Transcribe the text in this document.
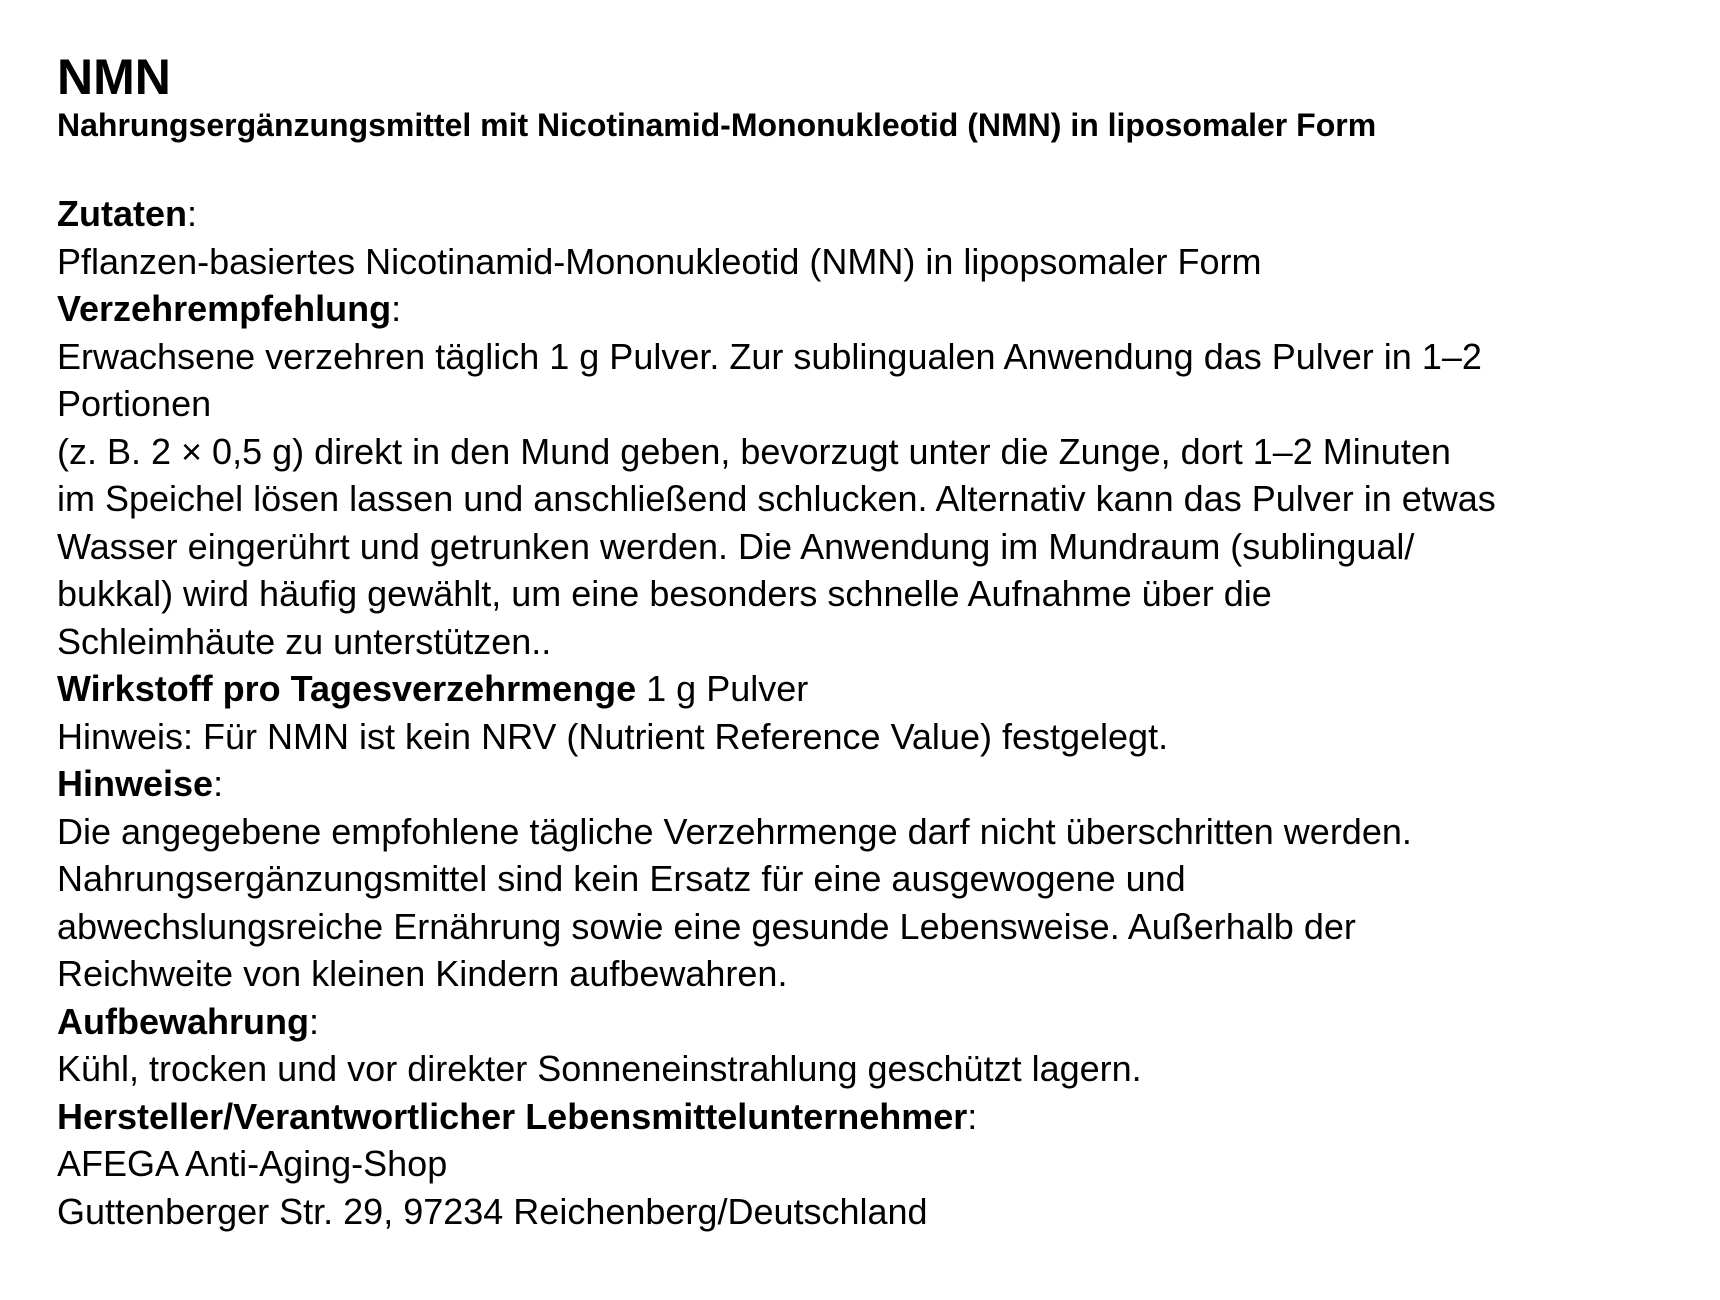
NMN
Nahrungsergänzungsmittel mit Nicotinamid-Mononukleotid (NMN) in liposomaler Form
Zutaten:
Pflanzen-basiertes Nicotinamid-Mononukleotid (NMN) in lipopsomaler Form
Verzehrempfehlung:
Erwachsene verzehren täglich 1 g Pulver. Zur sublingualen Anwendung das Pulver in 1–2
Portionen
(z. B. 2 × 0,5 g) direkt in den Mund geben, bevorzugt unter die Zunge, dort 1–2 Minuten
im Speichel lösen lassen und anschließend schlucken. Alternativ kann das Pulver in etwas
Wasser eingerührt und getrunken werden. Die Anwendung im Mundraum (sublingual/
bukkal) wird häufig gewählt, um eine besonders schnelle Aufnahme über die
Schleimhäute zu unterstützen..
Wirkstoff pro Tagesverzehrmenge 1 g Pulver
Hinweis: Für NMN ist kein NRV (Nutrient Reference Value) festgelegt.
Hinweise:
Die angegebene empfohlene tägliche Verzehrmenge darf nicht überschritten werden.
Nahrungsergänzungsmittel sind kein Ersatz für eine ausgewogene und
abwechslungsreiche Ernährung sowie eine gesunde Lebensweise. Außerhalb der
Reichweite von kleinen Kindern aufbewahren.
Aufbewahrung:
Kühl, trocken und vor direkter Sonneneinstrahlung geschützt lagern.
Hersteller/Verantwortlicher Lebensmittelunternehmer:
AFEGA Anti-Aging-Shop
Guttenberger Str. 29, 97234 Reichenberg/Deutschland
